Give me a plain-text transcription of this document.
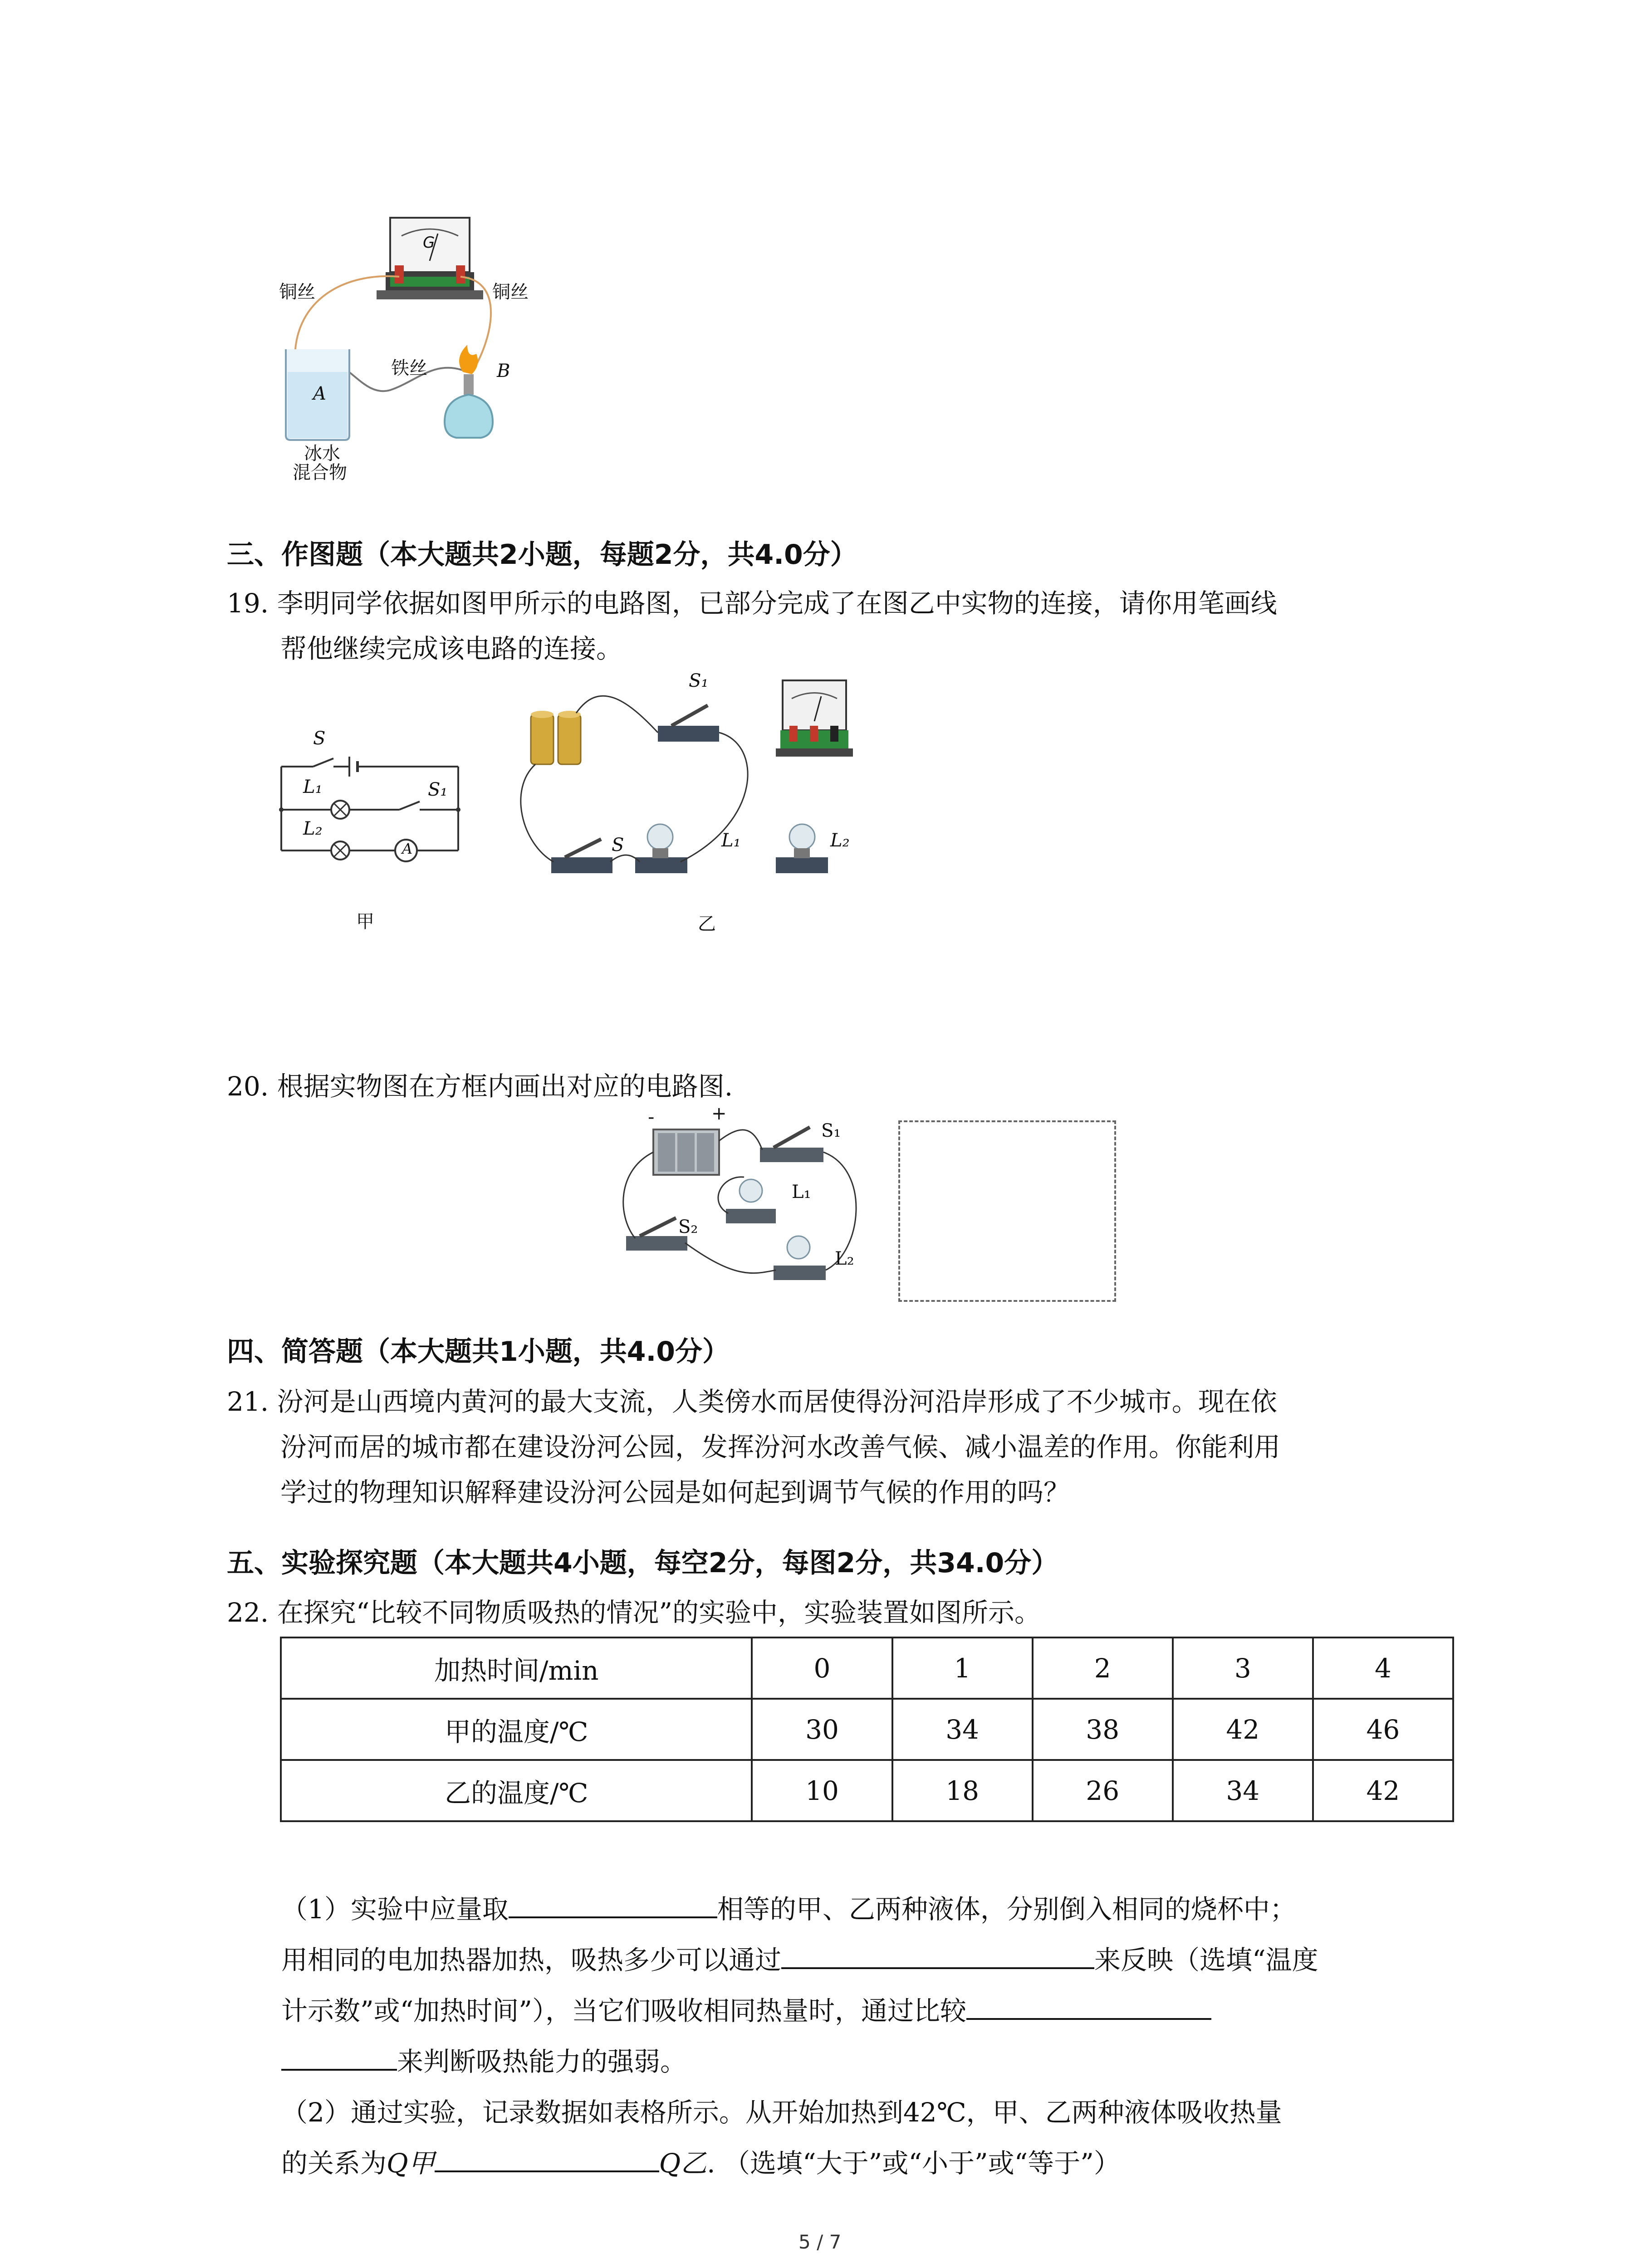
G
铜丝	铜丝
铁丝
A
B
冰水
混合物
三、作图题（本大题共2小题，每题2分，共4.0分）
19. 李明同学依据如图甲所示的电路图，已部分完成了在图乙中实物的连接，请你用笔画线
帮他继续完成该电路的连接。
S
L₁	S₁
L₂
A
甲
S₁
S	L₁	L₂
乙
20. 根据实物图在方框内画出对应的电路图.
-	+
S₁
L₁
S₂
L₂
四、简答题（本大题共1小题，共4.0分）
21. 汾河是山西境内黄河的最大支流，人类傍水而居使得汾河沿岸形成了不少城市。现在依
汾河而居的城市都在建设汾河公园，发挥汾河水改善气候、减小温差的作用。你能利用
学过的物理知识解释建设汾河公园是如何起到调节气候的作用的吗？
五、实验探究题（本大题共4小题，每空2分，每图2分，共34.0分）
22. 在探究“比较不同物质吸热的情况”的实验中，实验装置如图所示。
加热时间/min	0	1	2	3	4
甲的温度/℃	30	34	38	42	46
乙的温度/℃	10	18	26	34	42
（1）实验中应量取	相等的甲、乙两种液体，分别倒入相同的烧杯中；
用相同的电加热器加热，吸热多少可以通过	来反映（选填“温度
计示数”或“加热时间”），当它们吸收相同热量时，通过比较
来判断吸热能力的强弱。
（2）通过实验，记录数据如表格所示。从开始加热到42℃，甲、乙两种液体吸收热量
的关系为Q甲	Q乙. （选填“大于”或“小于”或“等于”）
5 / 7
